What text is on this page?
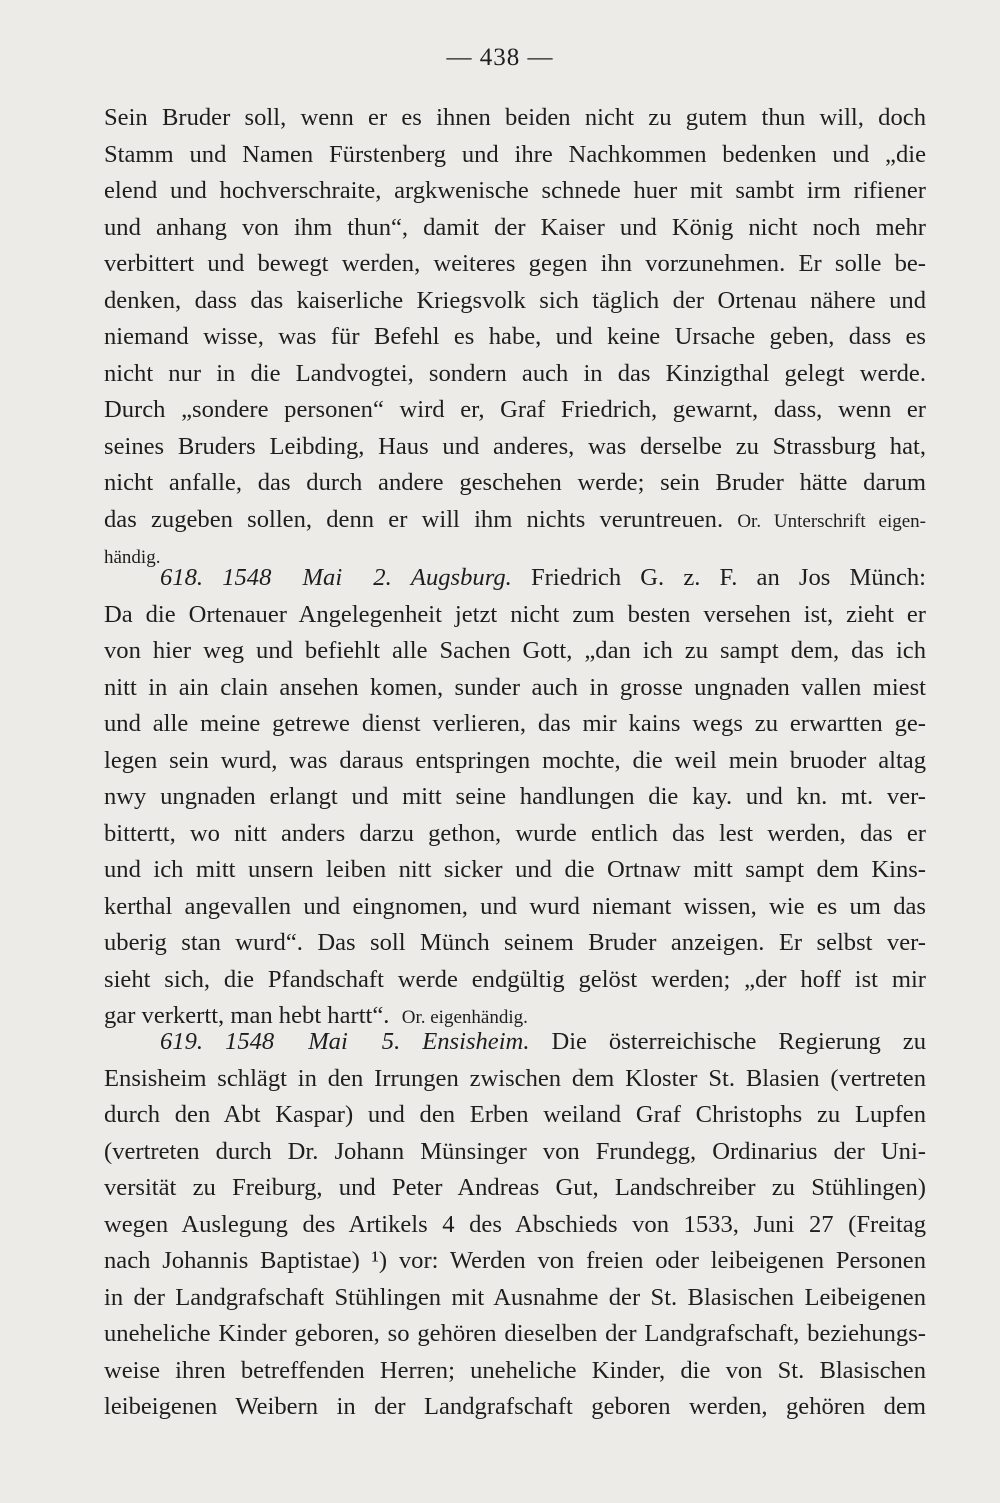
— 438 —
Sein Bruder soll, wenn er es ihnen beiden nicht zu gutem thun will, doch
Stamm und Namen Fürstenberg und ihre Nachkommen bedenken und „die
elend und hochverschraite, argkwenische schnede huer mit sambt irm rifiener
und anhang von ihm thun“, damit der Kaiser und König nicht noch mehr
verbittert und bewegt werden, weiteres gegen ihn vorzunehmen. Er solle be-
denken, dass das kaiserliche Kriegsvolk sich täglich der Ortenau nähere und
niemand wisse, was für Befehl es habe, und keine Ursache geben, dass es
nicht nur in die Landvogtei, sondern auch in das Kinzigthal gelegt werde.
Durch „sondere personen“ wird er, Graf Friedrich, gewarnt, dass, wenn er
seines Bruders Leibding, Haus und anderes, was derselbe zu Strassburg hat,
nicht anfalle, das durch andere geschehen werde; sein Bruder hätte darum
das zugeben sollen, denn er will ihm nichts veruntreuen. Or. Unterschrift eigen-
händig.
618. 1548 Mai 2. Augsburg. Friedrich G. z. F. an Jos Münch:
Da die Ortenauer Angelegenheit jetzt nicht zum besten versehen ist, zieht er
von hier weg und befiehlt alle Sachen Gott, „dan ich zu sampt dem, das ich
nitt in ain clain ansehen komen, sunder auch in grosse ungnaden vallen miest
und alle meine getrewe dienst verlieren, das mir kains wegs zu erwartten ge-
legen sein wurd, was daraus entspringen mochte, die weil mein bruoder altag
nwy ungnaden erlangt und mitt seine handlungen die kay. und kn. mt. ver-
bittertt, wo nitt anders darzu gethon, wurde entlich das lest werden, das er
und ich mitt unsern leiben nitt sicker und die Ortnaw mitt sampt dem Kins-
kerthal angevallen und eingnomen, und wurd niemant wissen, wie es um das
uberig stan wurd“. Das soll Münch seinem Bruder anzeigen. Er selbst ver-
sieht sich, die Pfandschaft werde endgültig gelöst werden; „der hoff ist mir
gar verkertt, man hebt hartt“. Or. eigenhändig.
619. 1548 Mai 5. Ensisheim. Die österreichische Regierung zu
Ensisheim schlägt in den Irrungen zwischen dem Kloster St. Blasien (vertreten
durch den Abt Kaspar) und den Erben weiland Graf Christophs zu Lupfen
(vertreten durch Dr. Johann Münsinger von Frundegg, Ordinarius der Uni-
versität zu Freiburg, und Peter Andreas Gut, Landschreiber zu Stühlingen)
wegen Auslegung des Artikels 4 des Abschieds von 1533, Juni 27 (Freitag
nach Johannis Baptistae) ¹) vor: Werden von freien oder leibeigenen Personen
in der Landgrafschaft Stühlingen mit Ausnahme der St. Blasischen Leibeigenen
uneheliche Kinder geboren, so gehören dieselben der Landgrafschaft, beziehungs-
weise ihren betreffenden Herren; uneheliche Kinder, die von St. Blasischen
leibeigenen Weibern in der Landgrafschaft geboren werden, gehören dem
